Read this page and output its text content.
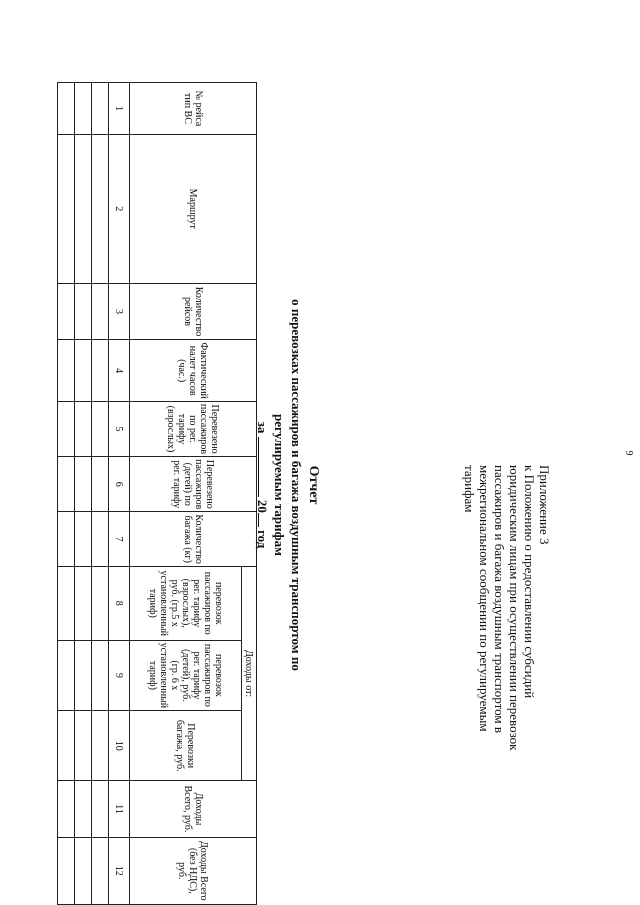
9
Приложение 3
к Положению о предоставлении субсидий
юридическим лицам при осуществлении перевозок
пассажиров и багажа воздушным транспортом в
межрегиональном сообщении по регулируемым
тарифам
Отчет
о перевозках пассажиров и багажа воздушным транспортом по регулируемым тарифам
за  20 год
№ рейса тип ВС	Маршрут	Количество рейсов	Фактический налет часов (час.)	Перевезено пассажиров по рег. тарифу (взрослых)	Перевезено пассажиров (детей) по рег. тарифу	Количество багажа (кг)	Доходы от:			Доходы Всего, руб.	Доходы Всего (без НДС), руб.
							перевозок пассажиров по рег. тарифу (взрослых), руб. (гр.5 х установленный тариф)	перевозок пассажиров по рег. тарифу (детей), руб. (гр. 6 х установленный тариф)	Перевозки багажа, руб.		
1	2	3	4	5	6	7	8	9	10	11	12
